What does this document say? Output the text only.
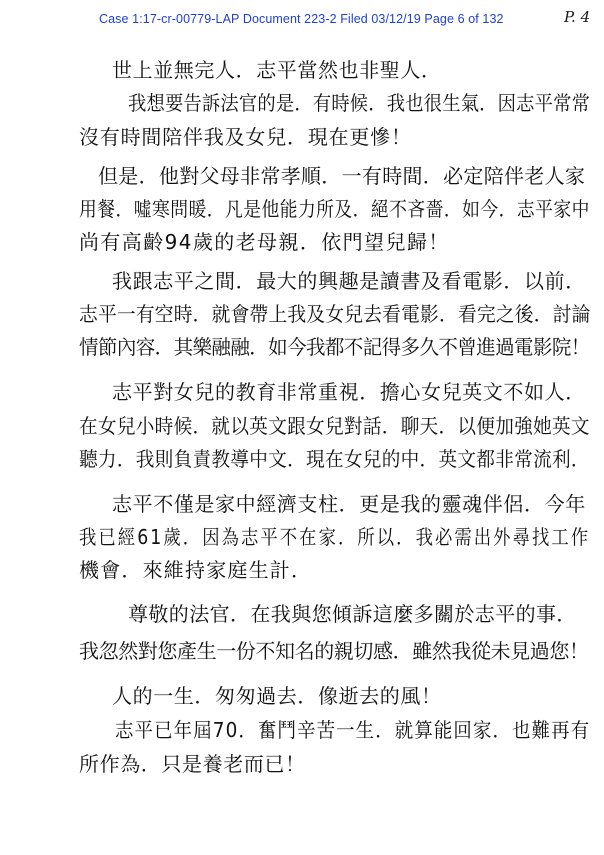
Case 1:17-cr-00779-LAP Document 223-2 Filed 03/12/19 Page 6 of 132	P. 4
世上並無完人．志平當然也非聖人．
我想要告訴法官的是．有時候．我也很生氣．因志平常常
沒有時間陪伴我及女兒．現在更慘！
但是．他對父母非常孝順．一有時間．必定陪伴老人家
用餐．噓寒問暖．凡是他能力所及．絕不吝嗇．如今．志平家中
尚有高齡94歲的老母親．依門望兒歸！
我跟志平之間．最大的興趣是讀書及看電影．以前．
志平一有空時．就會帶上我及女兒去看電影．看完之後．討論
情節內容．其樂融融．如今我都不記得多久不曾進過電影院！
志平對女兒的教育非常重視．擔心女兒英文不如人．
在女兒小時候．就以英文跟女兒對話．聊天．以便加強她英文
聽力．我則負責教導中文．現在女兒的中．英文都非常流利．
志平不僅是家中經濟支柱．更是我的靈魂伴侶．今年
我已經61歲．因為志平不在家．所以．我必需出外尋找工作
機會．來維持家庭生計．
尊敬的法官．在我與您傾訴這麼多關於志平的事．
我忽然對您產生一份不知名的親切感．雖然我從未見過您！
人的一生．匆匆過去．像逝去的風！
志平已年屆70．奮鬥辛苦一生．就算能回家．也難再有
所作為．只是養老而已！
